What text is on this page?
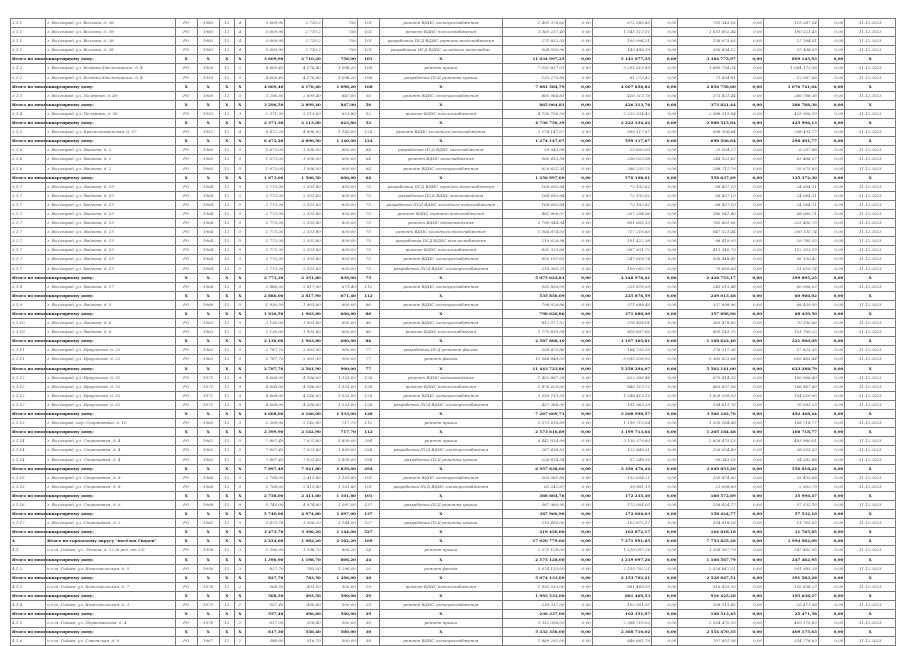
3.1.1	г. Волгоград, ул. Волгина, д. 38	РО	1983	12	4	3 609,90	2 710,2	756	101	ремонт ВДИС электроснабжения	1 495 376,60	0,00	672 585,85	0,00	705 343,16	0,00	115 247,54	0,00	31.12.2023
3.1.1	г. Волгоград, ул. Волгина, д. 38	РО	1983	12	4	3 609,90	2 710,2	756	101	ремонт ВДИС теплоснабжения	3 365 237,40	0,00	1 543 113,51	0,00	1 631 802,44	0,00	190 321,45	0,00	31.12.2023
3.1.1	г. Волгоград, ул. Волгина, д. 38	РО	1983	12	4	3 609,90	2 710,2	756	101	разработка ПСД ВДИС горячего водоснабжения	271 832,35	0,00	105 994,21	0,00	138 673,63	0,00	27 164,51	0,00	31.12.2023
3.1.1	г. Волгоград, ул. Волгина, д. 38	РО	1983	12	4	3 609,90	2 710,2	756	101	разработка ПСД ВДИС холодного водоснабж.	904 550,90	0,00	143 498,59	0,00	356 894,12	0,00	37 498,35	0,00	31.12.2023
Итого по многоквартирному дому:		X	X	X	X	3 609,90	2 710,20	756,00	101	X	11 034 997,25	0,00	5 141 077,35	0,00	3 384 773,97	0,00	809 145,93	0,00	X
3.1.2	г. Волгоград, ул. Богдана Хмельницкого, д. 4	РО	1959	12	5	4 609,40	4 176,40	1 098,20	108	ремонт крыши	7 592 837,01	0,00	3 291 513,89	0,00	1 689 754,34	0,00	1 064 173,38	0,00	31.12.2023
3.1.2	г. Волгоград, ул. Богдана Хмельницкого, д. 4	РО	1959	12	5	4 609,40	4 176,40	1 098,20	108	разработка ПСД ремонта крыши	133 275,89	0,00	61 273,42	0,00	71 434,81	0,00	12 567,66	0,00	31.12.2023
Итого по многоквартирному дому:		X	X	X	X	4 609,40	4 176,40	1 098,20	108	X	7 881 584,79	0,00	4 007 856,82	0,00	2 856 758,00	0,00	1 076 741,04	0,00	X
3.1.3	г. Волгоград, ул. Полярная, д. 49	РО	1960	12	5	3 296,50	2 899,40	847,00	56	ремонт ВДИС электроснабжения	865 064,81	0,00	426 313,76	0,00	373 821,44	0,00	286 768,36	0,00	31.12.2023
Итого по многоквартирному дому:		X	X	X	X	3 296,50	2 899,40	847,00	56	X	865 064,81	0,00	426 313,76	0,00	373 821,44	0,00	286 768,36	0,00	X
3.1.4	г. Волгоград, ул. Полярная, д. 36	РО	1953	12	3	2 371,30	2 113,00	623,80	52	ремонт ВДИС теплоснабжения	4 736 756,39	0,00	2 222 334,42	0,00	2 088 515,84	0,00	425 906,13	0,00	31.12.2023
Итого по многоквартирному дому:		X	X	X	X	2 371,30	2 113,00	623,80	52	X	4 736 756,39	0,00	2 222 334,42	0,00	2 088 515,84	0,00	425 906,13	0,00	X
3.1.5	г. Волгоград, ул. Краснознаменская, д. 57	РО	1952	12	4	6 472,20	4 896,90	1 140,00	124	ремонт ВДИС холодного водоснабжения	1 274 147,07	0,00	599 117,67	0,00	698 506,64	0,00	298 491,77	0,00	31.12.2023
Итого по многоквартирному дому:		X	X	X	X	6 472,20	4 896,90	1 140,00	124	X	1 274 147,07	0,00	599 117,67	0,00	698 506,64	0,00	298 491,77	0,00	X
3.1.6	г. Волгоград, ул. Фадеева, д. 2	РО	1960	12	5	1 673,00	1 506,50	600,00	64	разработка ПСД ВДИС газоснабжения	59 943,08	0,00	25 850,93	0,00	25 004,27	0,00	6 207,88	0,00	31.12.2023
3.1.6	г. Волгоград, ул. Фадеева, д. 2	РО	1960	12	5	1 673,00	1 506,50	600,00	64	ремонт ВДИС газоснабжения	566 433,58	0,00	258 023,38	0,00	244 921,63	0,00	63 488,57	0,00	31.12.2023
3.1.6	г. Волгоград, ул. Фадеева, д. 2	РО	1960	12	5	1 673,00	1 506,50	600,00	64	ремонт ВДИС электроснабжения	629 621,34	0,00	286 233,70	0,00	288 711,79	0,00	55 675,85	0,00	31.12.2023
Итого по многоквартирному дому:		X	X	X	X	1 673,00	1 506,50	600,00	64	X	1 256 997,00	0,00	570 108,01	0,00	558 637,69	0,00	125 372,30	0,00	X
3.1.7	г. Волгоград, ул. Фадеева, д. 15	РО	1964	12	5	2 773,30	2 351,80	839,00	75	разработка ПСД ВДИС горячего водоснабжения	164 693,84	0,00	72 192,62	0,00	68 437,10	0,00	24 064,11	0,00	31.12.2023
3.1.7	г. Волгоград, ул. Фадеева, д. 15	РО	1964	12	5	2 773,30	2 351,80	839,00	75	разработка ПСД ВДИС водоотведения	164 693,84	0,00	72 192,62	0,00	68 437,10	0,00	24 064,11	0,00	31.12.2023
3.1.7	г. Волгоград, ул. Фадеева, д. 15	РО	1964	12	5	2 773,30	2 351,80	839,00	75	разработка ПСД ВДИС холодного водоснабжения	164 693,84	0,00	72 192,62	0,00	68 437,10	0,00	24 064,11	0,00	31.12.2023
3.1.7	г. Волгоград, ул. Фадеева, д. 15	РО	1964	12	5	2 773,30	2 351,80	839,00	75	ремонт ВДИС горячего водоснабжения	461 906,07	0,00	207 294,96	0,00	186 541,40	0,00	68 069,71	0,00	31.12.2023
3.1.7	г. Волгоград, ул. Фадеева, д. 15	РО	1964	12	5	2 773,30	2 351,80	839,00	75	ремонт ВДИС водоотведения	1 790 944,94	0,00	801 603,13	0,00	765 891,06	0,00	223 450,75	0,00	31.12.2023
3.1.7	г. Волгоград, ул. Фадеева, д. 15	РО	1964	12	5	2 773,30	2 351,80	839,00	75	ремонт ВДИС холодного водоснабжения	1 564 874,03	0,00	717 216,85	0,00	647 521,44	0,00	200 135,74	0,00	31.12.2023
3.1.7	г. Волгоград, ул. Фадеева, д. 15	РО	1964	12	5	2 773,30	2 351,80	839,00	75	разработка ПСД ВДИС теплоснабжения	219 626,98	0,00	101 422,38	0,00	88 419,05	0,00	29 785,55	0,00	31.12.2023
3.1.7	г. Волгоград, ул. Фадеева, д. 15	РО	1964	12	5	2 773,30	2 351,80	839,00	75	ремонт ВДИС теплоснабжения	891 325,66	0,00	367 631,72	0,00	411 340,79	0,00	112 353,15	0,00	31.12.2023
3.1.7	г. Волгоград, ул. Фадеева, д. 15	РО	1964	12	5	2 773,30	2 351,80	839,00	75	ремонт ВДИС электроснабжения	650 197,61	0,00	247 618,74	0,00	306 448,45	0,00	96 130,42	0,00	31.12.2023
3.1.7	г. Волгоград, ул. Фадеева, д. 15	РО	1964	12	5	2 773,30	2 351,80	839,00	75	разработка ПСД ВДИС электроснабжения	216 365,21	0,00	105 065,79	0,00	79 669,68	0,00	31 629,74	0,00	31.12.2023
Итого по многоквартирному дому:		X	X	X	X	2 773,30	2 351,80	839,00	75	X	5 075 624,83	0,00	2 248 976,41	0,00	2 426 753,17	0,00	399 895,25	0,00	X
3.1.8	г. Волгоград, ул. Фадеева, д. 17	РО	1964	12	5	2 886,00	2 817,90	671,40	112	ремонт ВДИС электроснабжения	535 856,09	0,00	225 876,59	0,00	249 013,48	0,00	60 966,02	0,00	31.12.2023
Итого по многоквартирному дому:		X	X	X	X	2 886,00	2 817,90	671,40	112	X	535 856,09	0,00	225 876,59	0,00	249 013,48	0,00	60 966,02	0,00	X
3.1.9	г. Волгоград, ул. Фадеева, д. 5	РО	1966	12	5	1 930,50	1 903,80	600,00	86	ремонт ВДИС электроснабжения	798 026,86	0,00	371 688,40	0,00	357 898,96	0,00	68 439,50	0,00	31.12.2023
Итого по многоквартирному дому:		X	X	X	X	1 930,50	1 903,80	600,00	86	X	798 026,86	0,00	371 688,40	0,00	357 898,96	0,00	68 439,50	0,00	X
3.1.10	г. Волгоград, ул. Фадеева, д. 6	РО	1963	12	5	2 136,00	1 903,80	600,00	86	ремонт ВДИС электроснабжения	812 077,52	0,00	378 408,01	0,00	363 478,65	0,00	70 190,86	0,00	31.12.2023
3.1.10	г. Волгоград, ул. Фадеева, д. 6	РО	1963	12	5	2 136,00	1 903,80	600,00	86	ремонт ВДИС теплоснабжения	1 775 810,58	0,00	818 897,60	0,00	805 143,75	0,00	151 769,23	0,00	31.12.2023
Итого по многоквартирному дому:		X	X	X	X	2 136,00	1 903,80	600,00	86	X	2 587 888,10	0,00	1 197 305,61	0,00	1 168 622,40	0,00	221 960,09	0,00	X
3.1.11	г. Волгоград, ул. Иркутская, д. 22	РО	1963	12	5	2 787,70	2 561,90	900,00	77	разработка ПСД ремонта фасада	358 875,86	0,00	164 735,15	0,00	176 317,36	0,00	17 823,35	0,00	31.12.2023
3.1.11	г. Волгоград, ул. Иркутская, д. 22	РО	1963	12	5	2 787,70	2 561,90	900,00	77	ремонт фасада	11 084 848,00	0,00	5 093 558,92	0,00	5 385 823,64	0,00	605 465,44	0,00	31.12.2023
Итого по многоквартирному дому:		X	X	X	X	2 787,70	2 561,90	900,00	77	X	11 443 723,86	0,00	5 258 294,07	0,00	5 562 141,00	0,00	623 288,79	0,00	X
3.1.12	г. Волгоград, ул. Иркутская, д. 32	РО	1971	12	9	4 608,00	4 166,00	1 533,00	128	ремонт ВДИС водоотведения	1 402 887,28	0,00	622 506,46	0,00	679 414,33	0,00	100 966,49	0,00	31.12.2023
3.1.12	г. Волгоград, ул. Иркутская, д. 32	РО	1971	12	9	4 608,00	4 166,00	1 533,00	128	ремонт ВДИС теплоснабжения	1 876 620,60	0,00	846 115,72	0,00	863 637,08	0,00	166 867,80	0,00	31.12.2023
3.1.12	г. Волгоград, ул. Иркутская, д. 32	РО	1971	12	9	4 608,00	4 166,00	1 533,00	128	ремонт ВДИС электроснабжения	3 530 733,53	0,00	1 548 413,10	0,00	1 828 299,53	0,00	154 020,90	0,00	31.12.2023
3.1.12	г. Волгоград, ул. Иркутская, д. 32	РО	1971	12	9	4 608,00	4 166,00	1 533,00	128	разработка ПСД ВДИС электроснабжения	457 368,30	0,00	191 963,29	0,00	194 811,76	0,00	70 593,25	0,00	31.12.2023
Итого по многоквартирному дому:		X	X	X	X	4 608,00	4 166,00	1 533,00	128	X	7 267 609,71	0,00	3 208 998,57	0,00	3 566 162,70	0,00	492 448,44	0,00	X
3.1.13	г. Волгоград, пер. Спортивный, д. 10	РО	1960	12	3	2 399,90	2 142,90	717,70	112	ремонт крыши	2 573 616,89	0,00	1 199 713,64	0,00	1 205 184,48	0,00	168 718,77	0,00	31.12.2023
Итого по многоквартирному дому:		X	X	X	X	2 399,90	2 142,90	717,70	112	X	2 573 616,89	0,00	1 199 713,64	0,00	1 205 184,48	0,00	168 718,77	0,00	X
3.1.14	г. Волгоград, ул. Спортивная, д. 4	РО	1962	12	5	7 897,40	7 021,80	1 839,00	294	ремонт крыши	6 442 834,99	0,00	3 130 379,83	0,00	2 828 475,15	0,00	483 980,01	0,00	31.12.2023
3.1.14	г. Волгоград, ул. Спортивная, д. 4	РО	1962	12	5	7 897,40	7 021,80	1 839,00	294	разработка ПСД ВДИС электроснабжения	287 438,53	0,00	122 848,31	0,00	126 034,89	0,00	38 555,33	0,00	31.12.2023
3.1.14	г. Волгоград, ул. Спортивная, д. 4	РО	1962	12	5	7 897,40	7 021,80	1 839,00	294	разработка ПСД ремонта крыши	226 874,34	0,00	97 248,30	0,00	95 343,16	0,00	34 282,88	0,00	31.12.2023
Итого по многоквартирному дому:		X	X	X	X	7 897,40	7 021,80	1 839,00	294	X	6 957 838,00	0,00	3 350 476,44	0,00	3 049 853,20	0,00	556 818,22	0,00	X
3.1.15	г. Волгоград, ул. Спортивная, д. 8	РО	1968	12	5	2 758,00	2 411,80	1 101,80	101	ремонт ВДИС электроснабжения	305 561,89	0,00	132 654,21	0,00	139 474,00	0,00	33 433,68	0,00	31.12.2023
3.1.15	г. Волгоград, ул. Спортивная, д. 8	РО	1968	12	5	2 758,00	2 411,80	1 101,80	101	разработка ПСД ВДИС электроснабжения	63 242,87	0,00	39 581,19	0,00	21 098,89	0,00	2 562,79	0,00	31.12.2023
Итого по многоквартирному дому:		X	X	X	X	2 758,00	2 411,80	1 101,80	101	X	368 804,76	0,00	172 235,40	0,00	160 572,89	0,00	35 996,47	0,00	X
3.1.16	г. Волгоград, ул. Спортивная, д. 6	РО	1968	12	9	5 740,00	4 974,80	1 097,00	137	разработка ПСД ремонта крыши	387 960,90	0,00	172 004,03	0,00	158 424,77	0,00	57 532,10	0,00	31.12.2023
Итого по многоквартирному дому:		X	X	X	X	5 740,00	4 974,80	1 097,00	137	X	387 960,90	0,00	172 004,03	0,00	158 424,77	0,00	57 532,10	0,00	X
3.1.17	г. Волгоград, ул. Спортивная, д. 2	РО	1961	12	5	3 473,76	3 306,20	1 144,00	527	разработка ПСД ремонта крыши	219 456,00	0,00	102 872,17	0,00	104 818,18	0,00	11 765,65	0,00	31.12.2023
Итого по многоквартирному дому:		X	X	X	X	3 473,76	3 306,20	1 144,00	527	X	219 456,00	0,00	102 872,17	0,00	104 818,18	0,00	11 765,65	0,00	X
4	Итого по городскому округу "посёлок Гидаев"	X	X	X	X	2 224,60	1 982,20	2 102,20	169	X	17 020 779,00	0,00	7 271 991,65	0,00	7 753 825,26	0,00	1 994 962,09	0,00	X
4.1	п.г.т. Гидаев, ул. Ленина, д. 12 (в ред. от 25)	РО	1958	12	3	1 396,90	1 198,70	806,20	24	ремонт крыши	2 575 128,00	0,00	1 219 097,26	0,00	1 108 567,79	0,00	247 462,95	0,00	31.12.2023
Итого по многоквартирному дому:		X	X	X	X	1 396,90	1 198,70	806,20	24	X	2 575 128,00	0,00	1 219 097,26	0,00	1 108 567,79	0,00	247 462,95	0,00	X
4.1.2	п.г.т. Гидаев, ул. Комсомольская, д. 5	РО	1956	12	3	827,70	783,50	1 296,00	20	ремонт фасада	5 074 133,00	0,00	2 153 702,21	0,00	2 528 847,51	0,00	391 583,28	0,00	31.12.2023
Итого по многоквартирному дому:		X	X	X	X	827,70	783,50	1 296,00	20	X	5 074 133,00	0,00	2 153 702,21	0,00	2 528 847,51	0,00	391 583,28	0,00	X
4.1.3	п.г.т. Гидаев, ул. Комсомольская, д. 7	РО	1976	12	2	568,50	493,50	500,00	29	ремонт ВДИС теплоснабжения	1 993 533,00	0,00	881 469,53	0,00	916 425,20	0,00	195 638,27	0,00	31.12.2023
Итого по многоквартирному дому:		X	X	X	X	568,50	493,50	500,00	29	X	1 993 533,00	0,00	881 469,53	0,00	916 425,20	0,00	195 638,27	0,00	X
4.1.4	п.г.т. Гидаев, ул. Комсомольская, д. 3	РО	1975	12	2	557,40	496,60	500,00	29	ремонт ВДИС электроснабжения	236 337,00	0,00	102 351,97	0,00	108 513,45	0,00	25 471,58	0,00	31.12.2023
Итого по многоквартирному дому:		X	X	X	X	557,40	496,60	500,00	29	X	236 337,00	0,00	102 351,97	0,00	108 513,45	0,00	25 471,58	0,00	X
4.1.5	п.г.т. Гидаев, ул. Первомайская, д. 4	РО	1978	12	2	617,30	556,40	500,00	30	ремонт крыши	5 332 356,00	0,00	2 368 710,02	0,00	2 554 470,35	0,00	409 175,63	0,00	31.12.2023
Итого по многоквартирному дому:		X	X	X	X	617,30	556,40	500,00	30	X	5 332 356,00	0,00	2 368 710,02	0,00	2 554 470,35	0,00	409 175,63	0,00	X
4.1.6	п.г.т. Гидаев, ул. Советская, д. 9	РО	1967	12	2	588,80	516,70	500,00	38	ремонт ВДИС электроснабжения	1 889 292,00	0,00	846 661,79	0,00	707 851,58	0,00	334 778,63	0,00	31.12.2023
